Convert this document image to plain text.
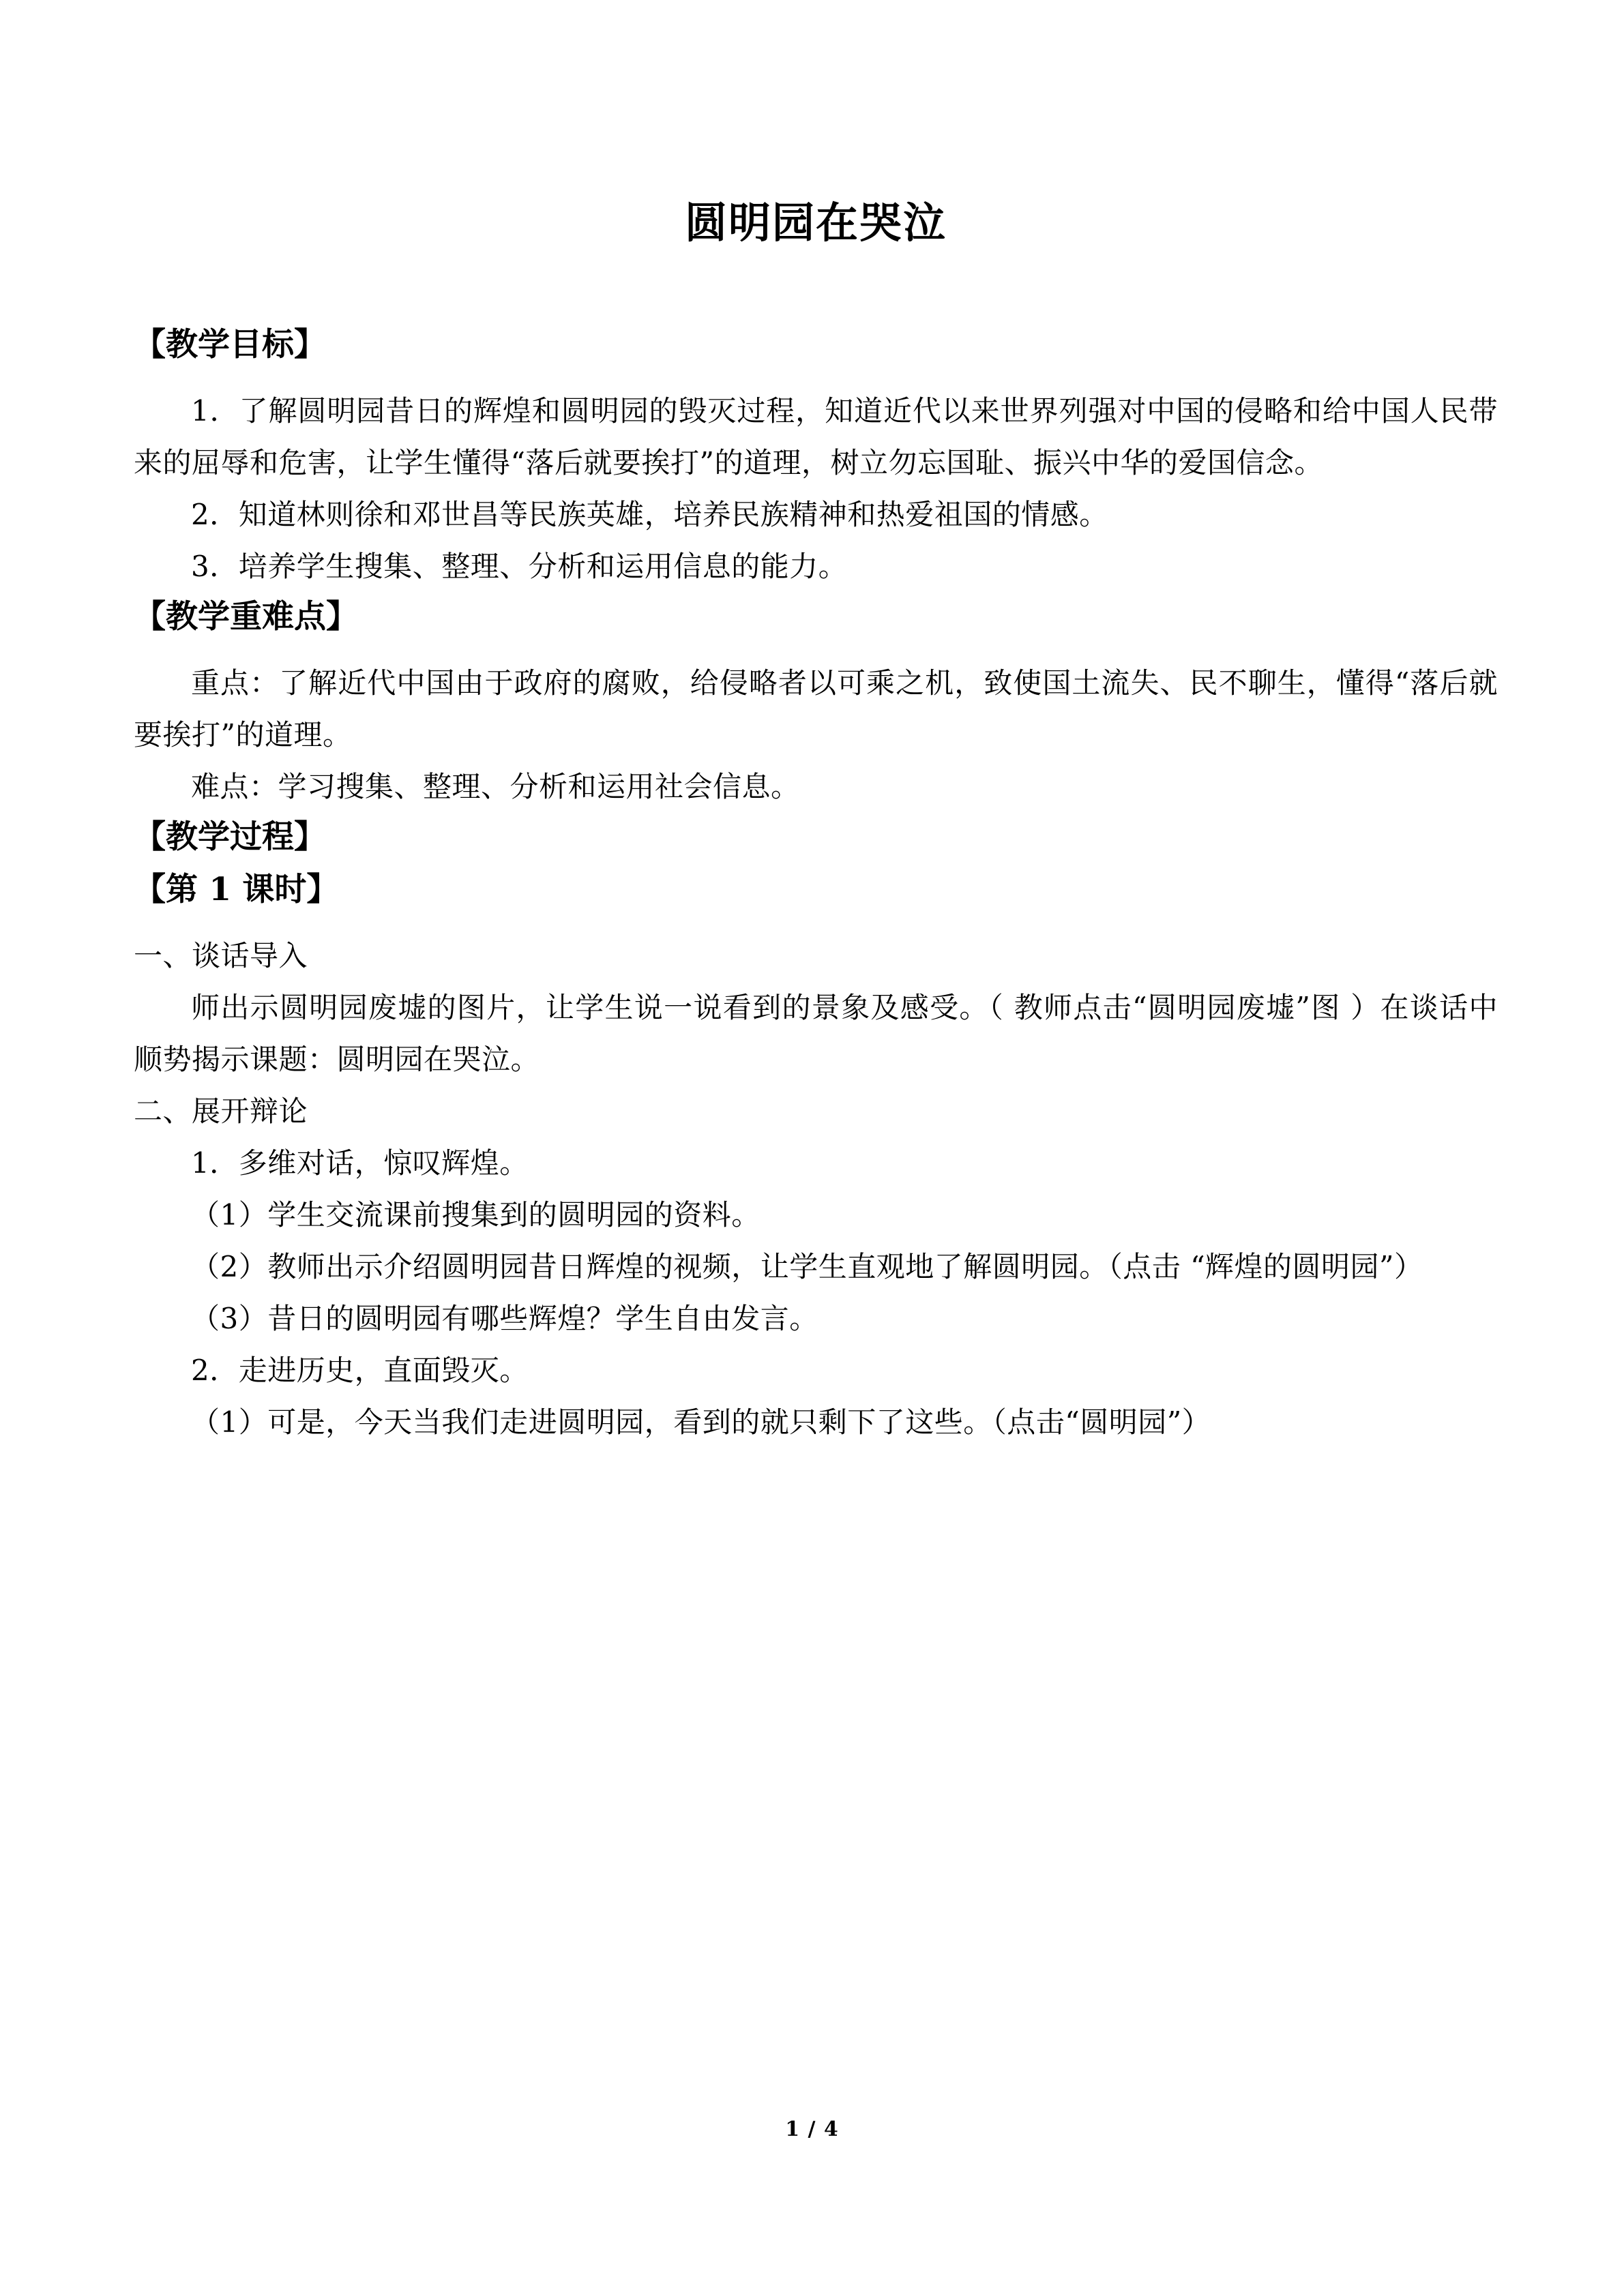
圆明园在哭泣
【教学目标】

1．了解圆明园昔日的辉煌和圆明园的毁灭过程，知道近代以来世界列强对中国的侵略和给中国人民带来的屈辱和危害，让学生懂得“落后就要挨打”的道理，树立勿忘国耻、振兴中华的爱国信念。

2．知道林则徐和邓世昌等民族英雄，培养民族精神和热爱祖国的情感。

3．培养学生搜集、整理、分析和运用信息的能力。

【教学重难点】

重点：了解近代中国由于政府的腐败，给侵略者以可乘之机，致使国土流失、民不聊生，懂得“落后就要挨打”的道理。

难点：学习搜集、整理、分析和运用社会信息。

【教学过程】
【第 1 课时】

一、谈话导入

师出示圆明园废墟的图片，让学生说一说看到的景象及感受。（ 教师点击“圆明园废墟”图 ）在谈话中顺势揭示课题：圆明园在哭泣。

二、展开辩论

1．多维对话，惊叹辉煌。

（1）学生交流课前搜集到的圆明园的资料。

（2）教师出示介绍圆明园昔日辉煌的视频，让学生直观地了解圆明园。（点击 “辉煌的圆明园”）

（3）昔日的圆明园有哪些辉煌？学生自由发言。

2．走进历史，直面毁灭。

（1）可是，今天当我们走进圆明园，看到的就只剩下了这些。（点击“圆明园”）

1 / 4
